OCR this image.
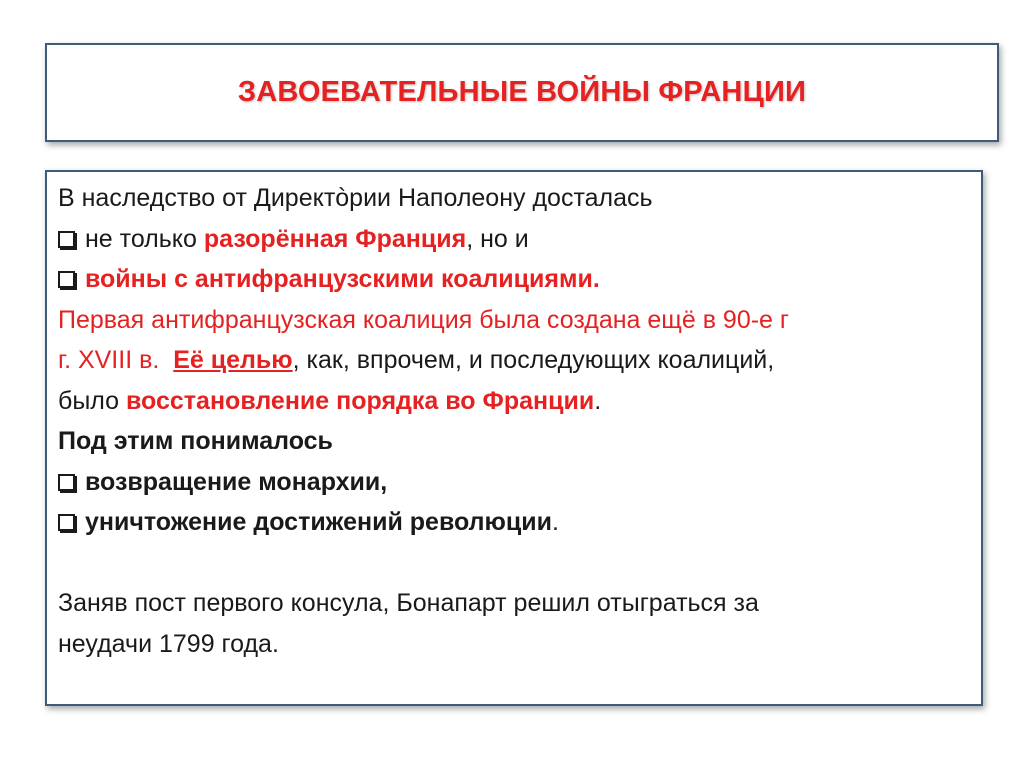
ЗАВОЕВАТЕЛЬНЫЕ ВОЙНЫ ФРАНЦИИ
В наследство от Директòрии Наполеону досталась
не только разорённая Франция, но и
войны с антифранцузскими коалициями.
Первая антифранцузская коалиция была создана ещё в 90-е г
г. XVIII в. Её целью, как, впрочем, и последующих коалиций,
было восстановление порядка во Франции.
Под этим понималось
возвращение монархии,
уничтожение достижений революции.
Заняв пост первого консула, Бонапарт решил отыграться за
неудачи 1799 года.
